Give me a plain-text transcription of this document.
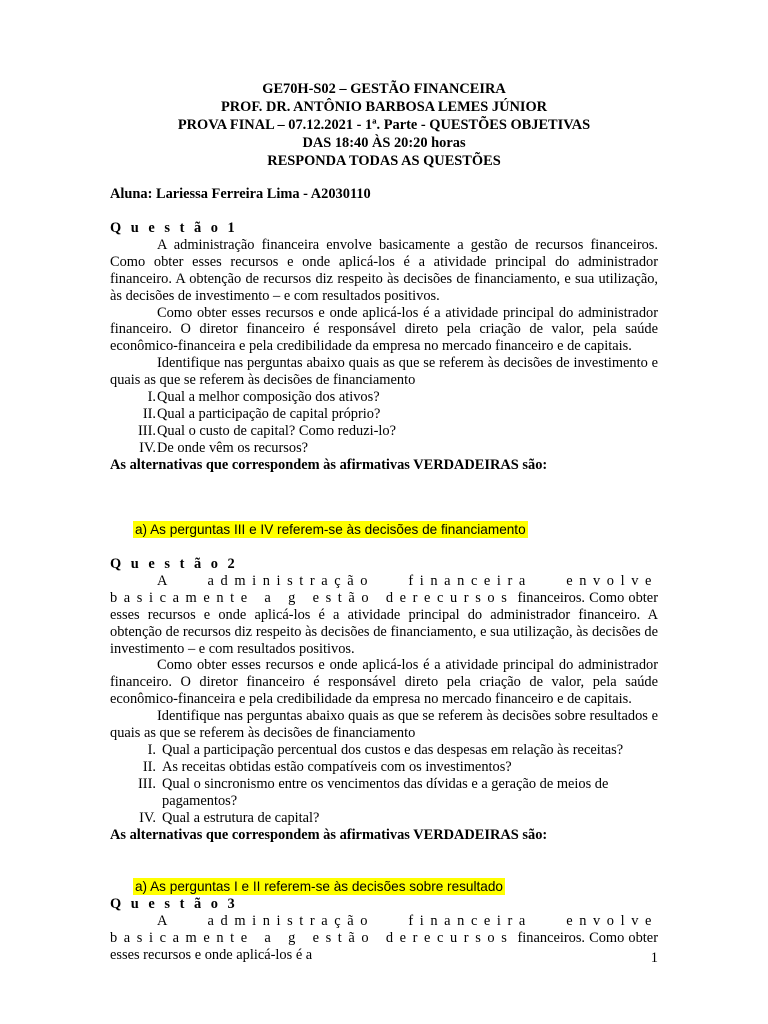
GE70H-S02 – GESTÃO FINANCEIRA
PROF. DR. ANTÔNIO BARBOSA LEMES JÚNIOR
PROVA FINAL – 07.12.2021 - 1ª. Parte - QUESTÕES OBJETIVAS
DAS 18:40 ÀS 20:20 horas
RESPONDA TODAS AS QUESTÕES
Aluna: Lariessa Ferreira Lima - A2030110
Q u e s t ã o 1

A administração financeira envolve basicamente a gestão de recursos financeiros. Como obter esses recursos e onde aplicá-los é a atividade principal do administrador financeiro. A obtenção de recursos diz respeito às decisões de financiamento, e sua utilização, às decisões de investimento – e com resultados positivos.

Como obter esses recursos e onde aplicá-los é a atividade principal do administrador financeiro. O diretor financeiro é responsável direto pela criação de valor, pela saúde econômico-financeira e pela credibilidade da empresa no mercado financeiro e de capitais.

Identifique nas perguntas abaixo quais as que se referem às decisões de investimento e quais as que se referem às decisões de financiamento

I. Qual a melhor composição dos ativos?
II. Qual a participação de capital próprio?
III. Qual o custo de capital? Como reduzi-lo?
IV. De onde vêm os recursos?
As alternativas que correspondem às afirmativas VERDADEIRAS são:
a) As perguntas III e IV referem-se às decisões de financiamento
Q u e s t ã o 2

A administração financeira envolve basicamente a g estão derecursos financeiros. Como obter esses recursos e onde aplicá-los é a atividade principal do administrador financeiro. A obtenção de recursos diz respeito às decisões de financiamento, e sua utilização, às decisões de investimento – e com resultados positivos.

Como obter esses recursos e onde aplicá-los é a atividade principal do administrador financeiro. O diretor financeiro é responsável direto pela criação de valor, pela saúde econômico-financeira e pela credibilidade da empresa no mercado financeiro e de capitais.

Identifique nas perguntas abaixo quais as que se referem às decisões sobre resultados e quais as que se referem às decisões de financiamento

I. Qual a participação percentual dos custos e das despesas em relação às receitas?
II. As receitas obtidas estão compatíveis com os investimentos?
III. Qual o sincronismo entre os vencimentos das dívidas e a geração de meios de pagamentos?
IV. Qual a estrutura de capital?
As alternativas que correspondem às afirmativas VERDADEIRAS são:
a) As perguntas I e II referem-se às decisões sobre resultado
Q u e s t ã o 3

A administração financeira envolve basicamente a g estão derecursos financeiros. Como obter esses recursos e onde aplicá-los é a	1
